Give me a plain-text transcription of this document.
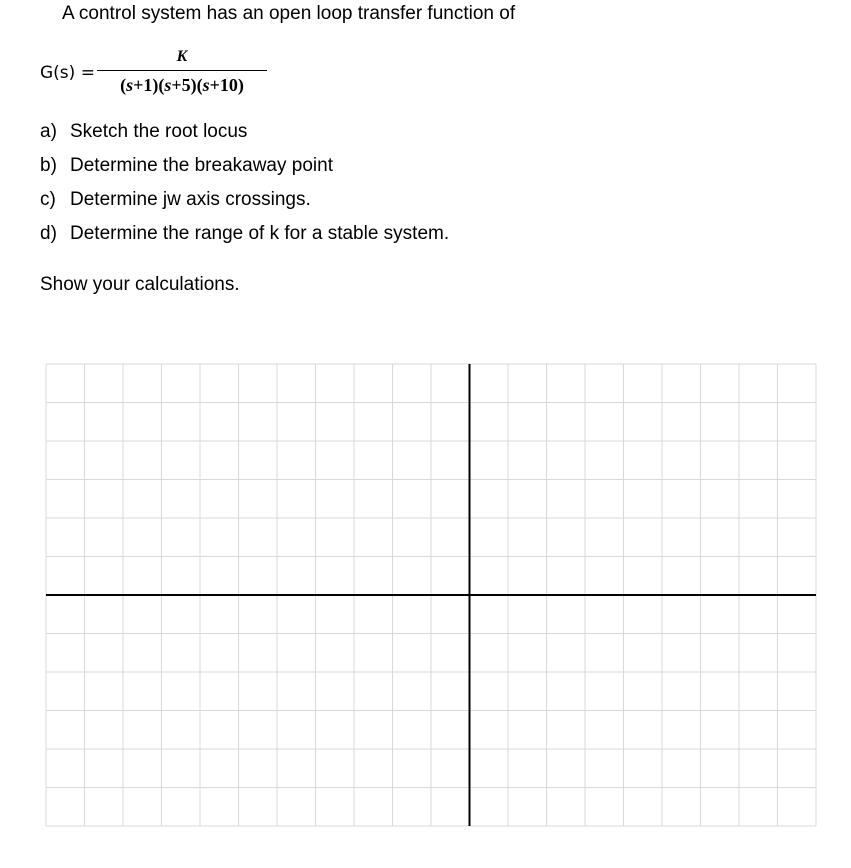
A control system has an open loop transfer function of
G(s) =
K
(s+1)(s+5)(s+10)
a) Sketch the root locus
b) Determine the breakaway point
c) Determine jw axis crossings.
d) Determine the range of k for a stable system.
Show your calculations.
